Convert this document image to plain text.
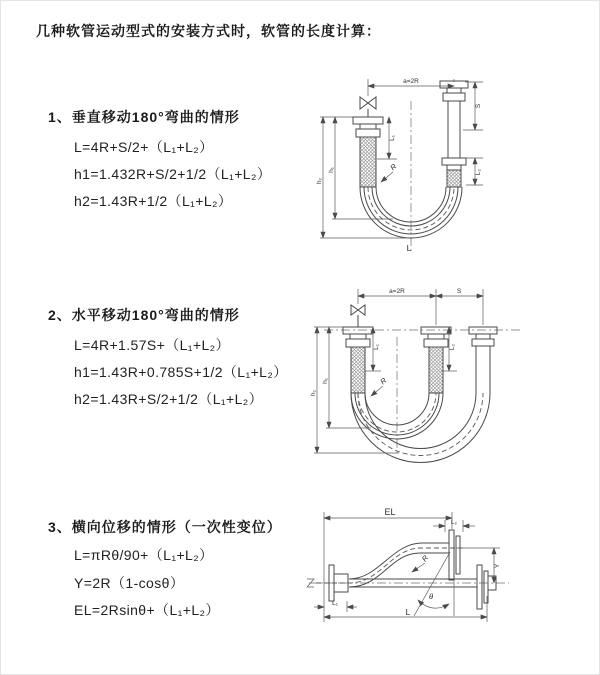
几种软管运动型式的安装方式时，软管的长度计算：
1、垂直移动180°弯曲的情形
L=4R+S/2+（L₁+L₂）
h1=1.432R+S/2+1/2（L₁+L₂）
h2=1.43R+1/2（L₁+L₂）
a=2R
h₂
h₁
L₁
S
L₂
R
L
2、水平移动180°弯曲的情形
L=4R+1.57S+（L₁+L₂）
h1=1.43R+0.785S+1/2（L₁+L₂）
h2=1.43R+S/2+1/2（L₁+L₂）
a=2R	S
h₂
h₁
L₁	L₂
R
3、横向位移的情形（一次性变位）
L=πRθ/90+（L₁+L₂）
Y=2R（1-cosθ）
EL=2Rsinθ+（L₁+L₂）
θ
R
EL
L₂
Y
L₁
L
